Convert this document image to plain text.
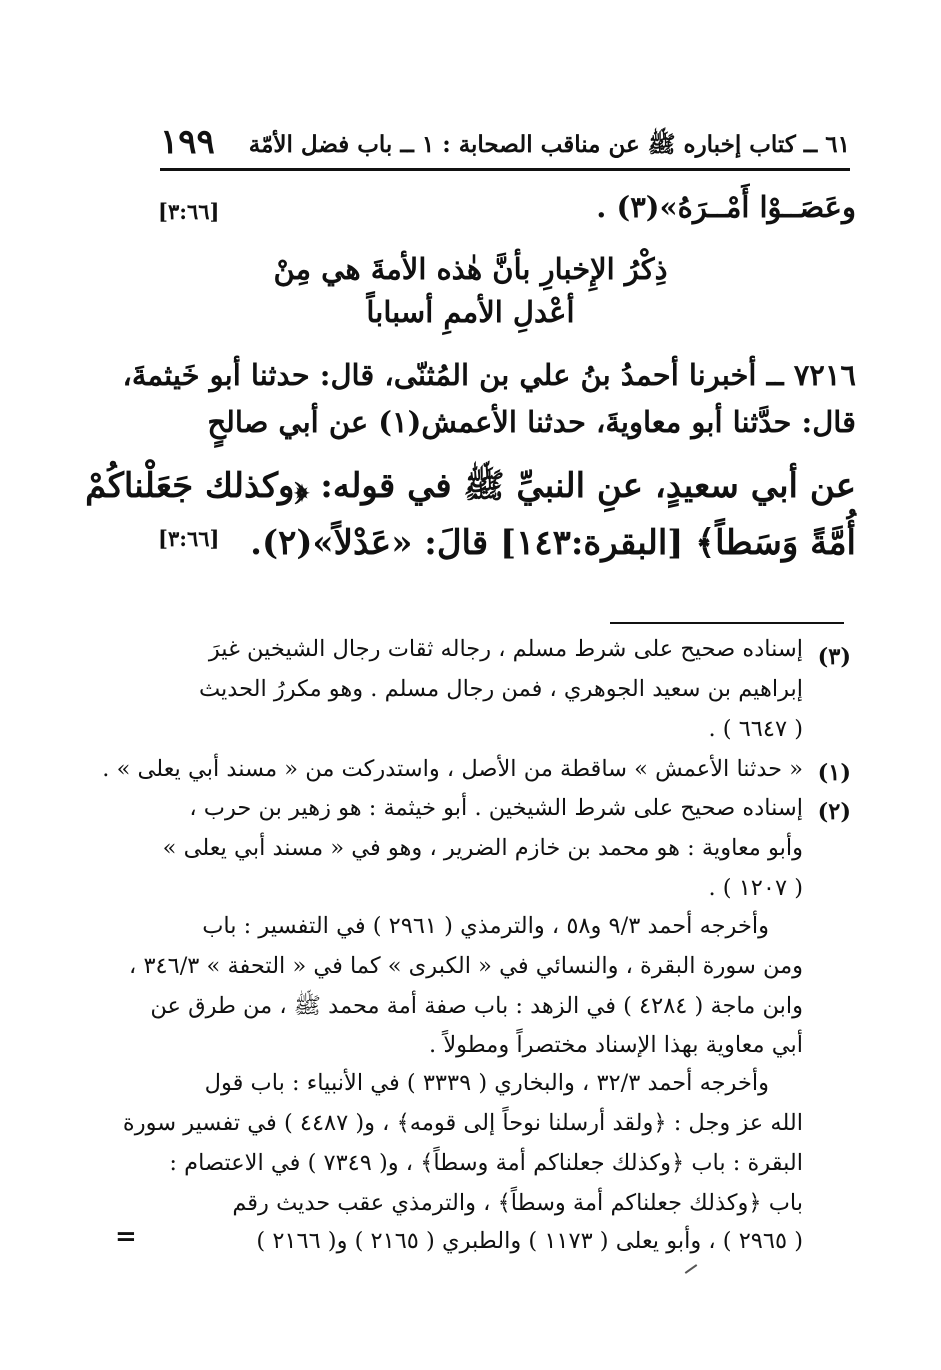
٦١ ــ كتاب إخباره ﷺ عن مناقب الصحابة : ١ ــ باب فضل الأمّة
١٩٩
وعَصَــوْا أَمْــرَهُ»(٣) .
[٣:٦٦]
ذِكْرُ الإِخبارِ بأنَّ هٰذه الأمةَ هي مِنْ
أعْدلِ الأممِ أسباباً
٧٢١٦ ــ أخبرنا أحمدُ بنُ علي بن المُثنّى، قال: حدثنا أبو خَيثمةَ،
قال: حدَّثنا أبو معاويةَ، حدثنا الأعمش(١) عن أبي صالحٍ
عن أبي سعيدٍ، عنِ النبيِّ ﷺ في قوله: ﴿وكذلك جَعَلْناكُمْ
أُمَّةً وَسَطاً﴾ [البقرة:١٤٣] قالَ: «عَدْلاً»(٢).
[٣:٦٦]
(٣)
إسناده صحيح على شرط مسلم ، رجاله ثقات رجال الشيخين غيرَ
إبراهيم بن سعيد الجوهري ، فمن رجال مسلم . وهو مكررُ الحديث
( ٦٦٤٧ ) .
(١)
« حدثنا الأعمش » ساقطة من الأصل ، واستدركت من « مسند أبي يعلى » .
(٢)
إسناده صحيح على شرط الشيخين . أبو خيثمة : هو زهير بن حرب ،
وأبو معاوية : هو محمد بن خازم الضرير ، وهو في « مسند أبي يعلى »
( ١٢٠٧ ) .
وأخرجه أحمد ٩/٣ و٥٨ ، والترمذي ( ٢٩٦١ ) في التفسير : باب
ومن سورة البقرة ، والنسائي في « الكبرى » كما في « التحفة » ٣٤٦/٣ ،
وابن ماجة ( ٤٢٨٤ ) في الزهد : باب صفة أمة محمد ﷺ ، من طرق عن
أبي معاوية بهذا الإسناد مختصراً ومطولاً .
وأخرجه أحمد ٣٢/٣ ، والبخاري ( ٣٣٣٩ ) في الأنبياء : باب قول
الله عز وجل : ﴿ولقد أرسلنا نوحاً إلى قومه﴾ ، و( ٤٤٨٧ ) في تفسير سورة
البقرة : باب ﴿وكذلك جعلناكم أمة وسطاً﴾ ، و( ٧٣٤٩ ) في الاعتصام :
باب ﴿وكذلك جعلناكم أمة وسطاً﴾ ، والترمذي عقب حديث رقم
( ٢٩٦٥ ) ، وأبو يعلى ( ١١٧٣ ) والطبري ( ٢١٦٥ ) و( ٢١٦٦ )
=
